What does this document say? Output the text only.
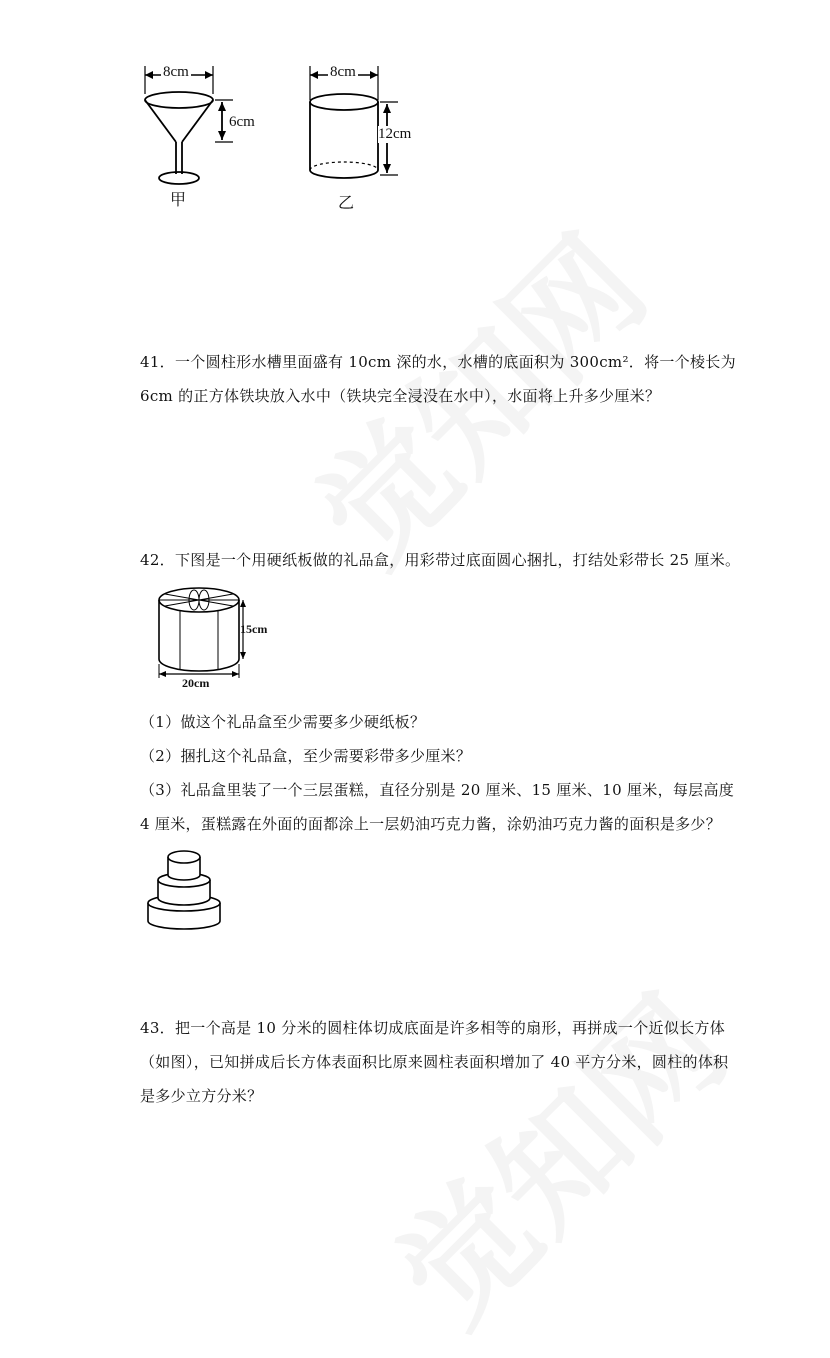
8cm
6cm
甲
8cm
12cm
乙
41．一个圆柱形水槽里面盛有 10cm 深的水，水槽的底面积为 300cm²．将一个棱长为
6cm 的正方体铁块放入水中（铁块完全浸没在水中），水面将上升多少厘米？
42．下图是一个用硬纸板做的礼品盒，用彩带过底面圆心捆扎，打结处彩带长 25 厘米。
15cm
20cm
（1）做这个礼品盒至少需要多少硬纸板？
（2）捆扎这个礼品盒，至少需要彩带多少厘米？
（3）礼品盒里装了一个三层蛋糕，直径分别是 20 厘米、15 厘米、10 厘米，每层高度
4 厘米，蛋糕露在外面的面都涂上一层奶油巧克力酱，涂奶油巧克力酱的面积是多少？
43．把一个高是 10 分米的圆柱体切成底面是许多相等的扇形，再拼成一个近似长方体
（如图），已知拼成后长方体表面积比原来圆柱表面积增加了 40 平方分米，圆柱的体积
是多少立方分米？
